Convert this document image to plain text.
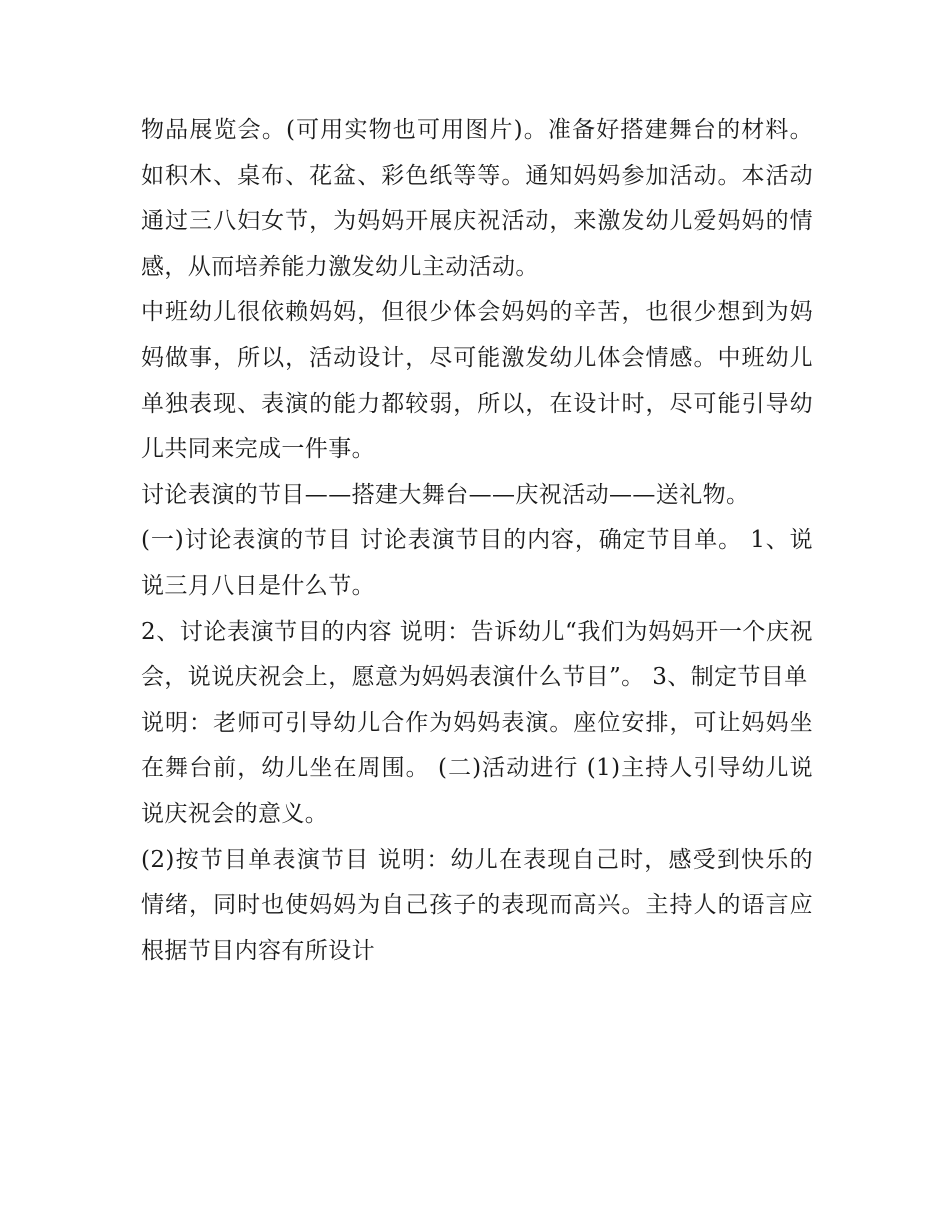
物品展览会。(可用实物也可用图片)。准备好搭建舞台的材料。如积木、桌布、花盆、彩色纸等等。通知妈妈参加活动。本活动通过三八妇女节，为妈妈开展庆祝活动，来激发幼儿爱妈妈的情感，从而培养能力激发幼儿主动活动。

中班幼儿很依赖妈妈，但很少体会妈妈的辛苦，也很少想到为妈妈做事，所以，活动设计，尽可能激发幼儿体会情感。中班幼儿单独表现、表演的能力都较弱，所以，在设计时，尽可能引导幼儿共同来完成一件事。

讨论表演的节目——搭建大舞台——庆祝活动——送礼物。

(一)讨论表演的节目 讨论表演节目的内容，确定节目单。 1、说说三月八日是什么节。

2、讨论表演节目的内容 说明：告诉幼儿“我们为妈妈开一个庆祝会，说说庆祝会上，愿意为妈妈表演什么节目”。 3、制定节目单

说明：老师可引导幼儿合作为妈妈表演。座位安排，可让妈妈坐在舞台前，幼儿坐在周围。 (二)活动进行 (1)主持人引导幼儿说说庆祝会的意义。

(2)按节目单表演节目 说明：幼儿在表现自己时，感受到快乐的情绪，同时也使妈妈为自己孩子的表现而高兴。主持人的语言应根据节目内容有所设计
